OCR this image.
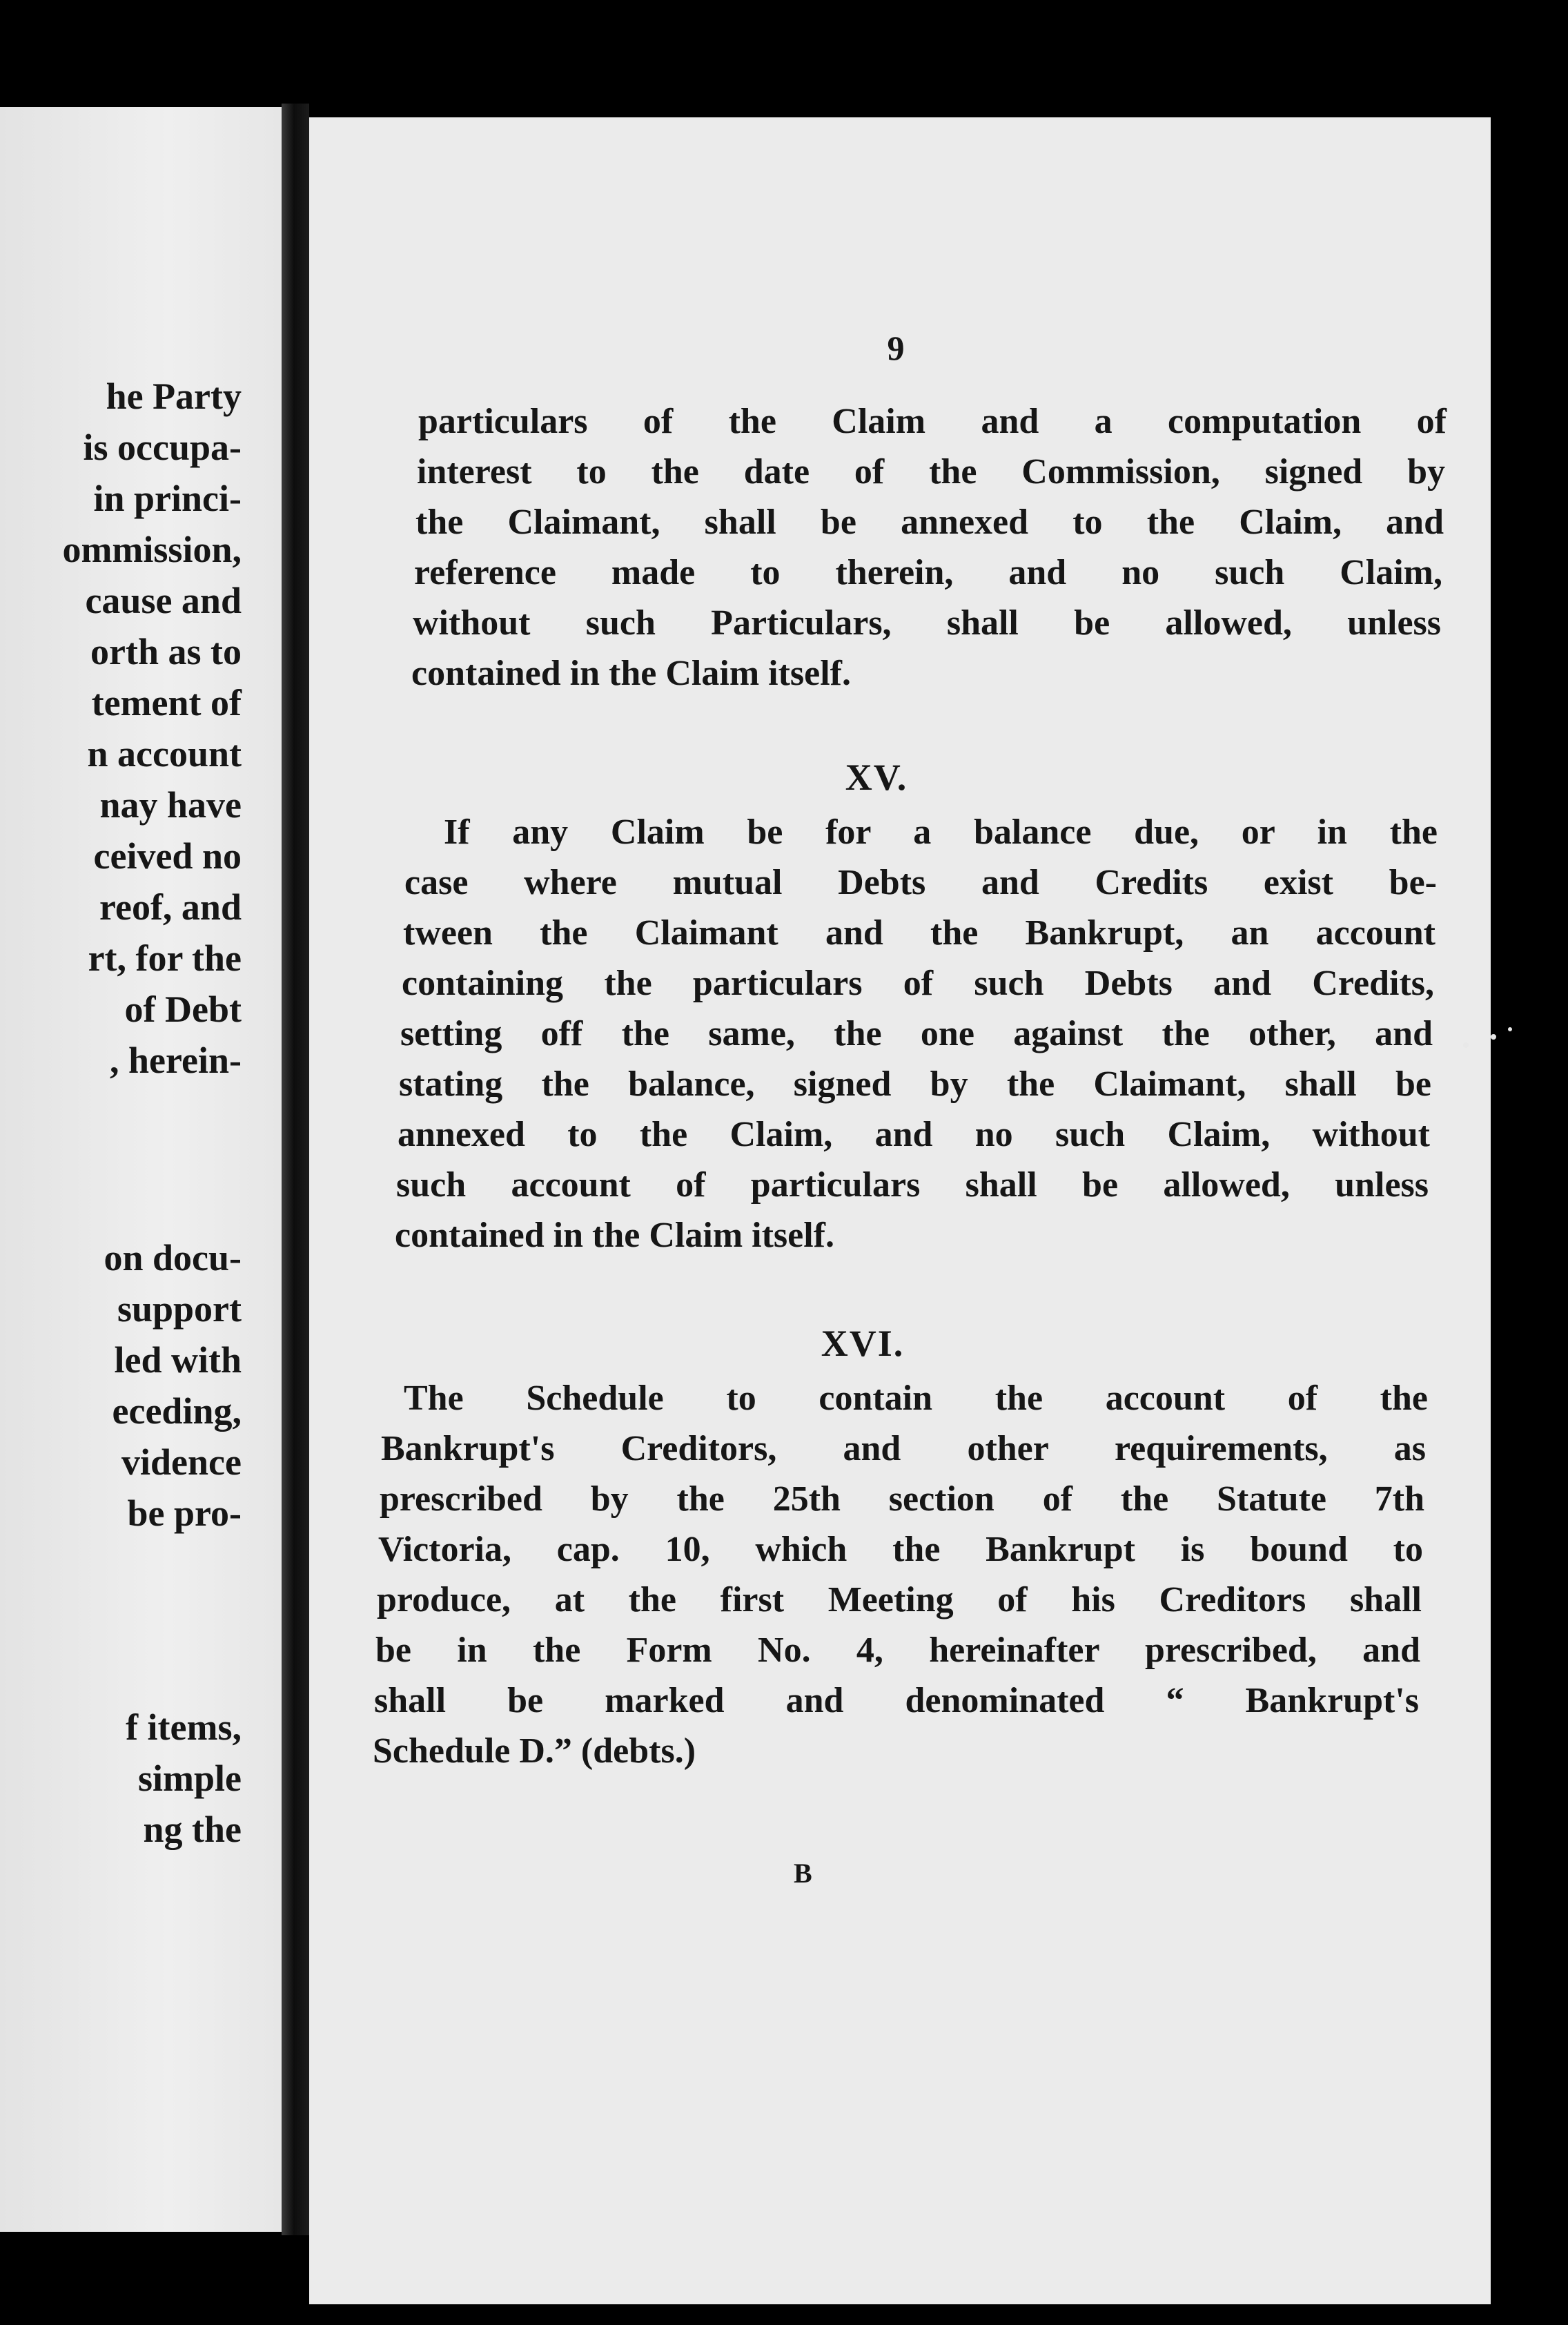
he Party
is occupa-
in princi-
ommission,
cause and
orth as to
tement of
n account
nay have
ceived no
reof, and
rt, for the
of Debt
, herein-
on docu-
support
led with
eceding,
vidence
be pro-
f items,
simple
ng the
9
particulars of the Claim and a computation of
interest to the date of the Commission, signed by
the Claimant, shall be annexed to the Claim, and
reference made to therein, and no such Claim,
without such Particulars, shall be allowed, unless
contained in the Claim itself.
XV.
If any Claim be for a balance due, or in the
case where mutual Debts and Credits exist be-
tween the Claimant and the Bankrupt, an account
containing the particulars of such Debts and Credits,
setting off the same, the one against the other, and
stating the balance, signed by the Claimant, shall be
annexed to the Claim, and no such Claim, without
such account of particulars shall be allowed, unless
contained in the Claim itself.
XVI.
The Schedule to contain the account of the
Bankrupt's Creditors, and other requirements, as
prescribed by the 25th section of the Statute 7th
Victoria, cap. 10, which the Bankrupt is bound to
produce, at the first Meeting of his Creditors shall
be in the Form No. 4, hereinafter prescribed, and
shall be marked and denominated “ Bankrupt's
Schedule D.” (debts.)
B
